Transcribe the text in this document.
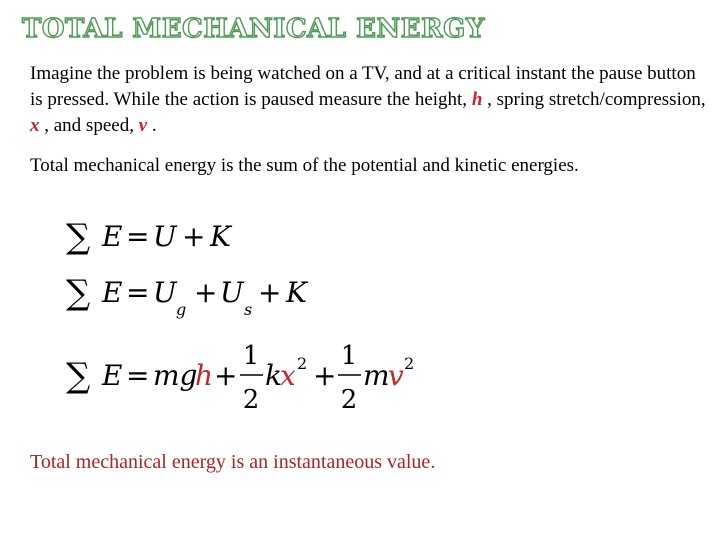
TOTAL MECHANICAL ENERGY
Imagine the problem is being watched on a TV, and at a critical instant the pause button is pressed. While the action is paused measure the height, h , spring stretch/compression, x , and speed, v .
Total mechanical energy is the sum of the potential and kinetic energies.
∑ E = U + K
∑ E = U
g
+ U
s
+ K
∑ E = mg
h +
1
2
k
x 2 +
1
2
m
v 2
Total mechanical energy is an instantaneous value.
